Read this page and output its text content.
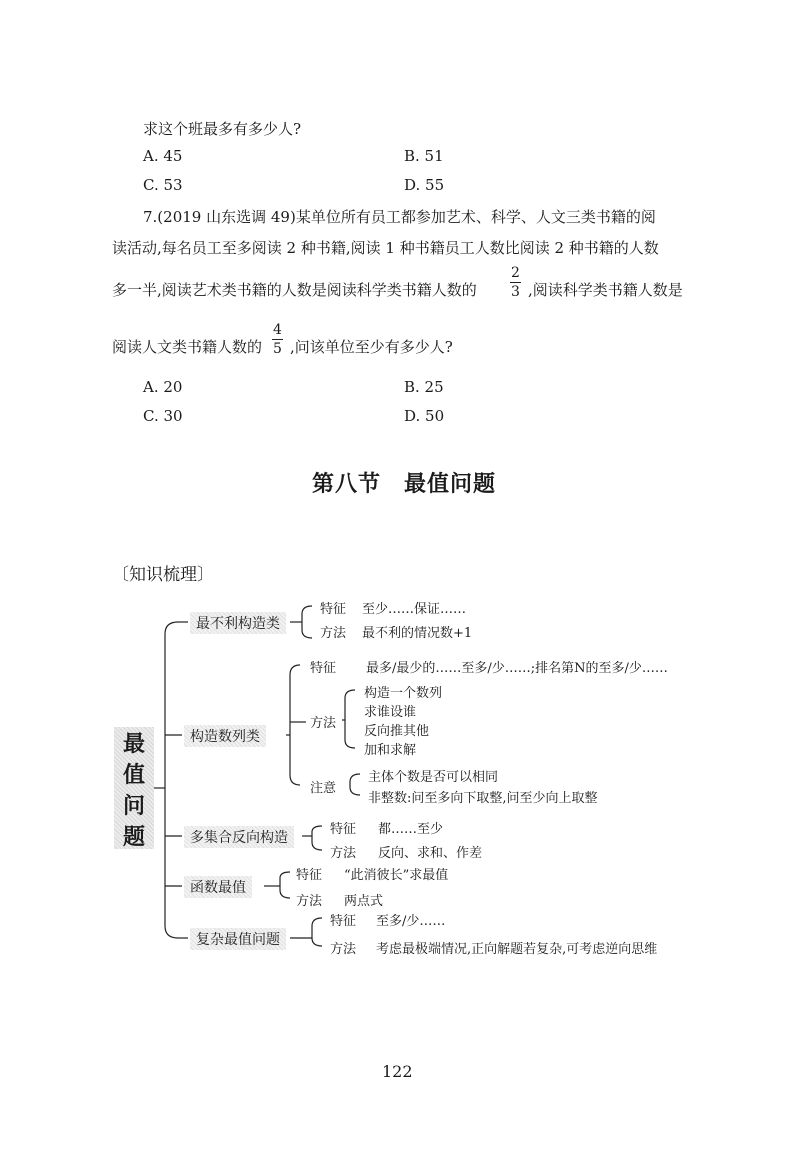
求这个班最多有多少人?
A. 45	B. 51
C. 53	D. 55
7.(2019 山东选调 49)某单位所有员工都参加艺术、科学、人文三类书籍的阅
读活动,每名员工至多阅读 2 种书籍,阅读 1 种书籍员工人数比阅读 2 种书籍的人数
多一半,阅读艺术类书籍的人数是阅读科学类书籍人数的 $\frac{2}{3}$ ,阅读科学类书籍人数是
阅读人文类书籍人数的 $\frac{4}{5}$ ,问该单位至少有多少人?
A. 20	B. 25
C. 30	D. 50
第八节　最值问题
〔知识梳理〕
最
值
问
题
最不利构造类
特征 至少……保证……
方法 最不利的情况数+1
构造数列类
特征 最多/最少的……至多/少……;排名第N的至多/少……
方法
构造一个数列
求谁设谁
反向推其他
加和求解
注意
主体个数是否可以相同
非整数:问至多向下取整,问至少向上取整
多集合反向构造
特征 都……至少
方法 反向、求和、作差
函数最值
特征 “此消彼长”求最值
方法 两点式
复杂最值问题
特征 至多/少……
方法 考虑最极端情况,正向解题若复杂,可考虑逆向思维
122
